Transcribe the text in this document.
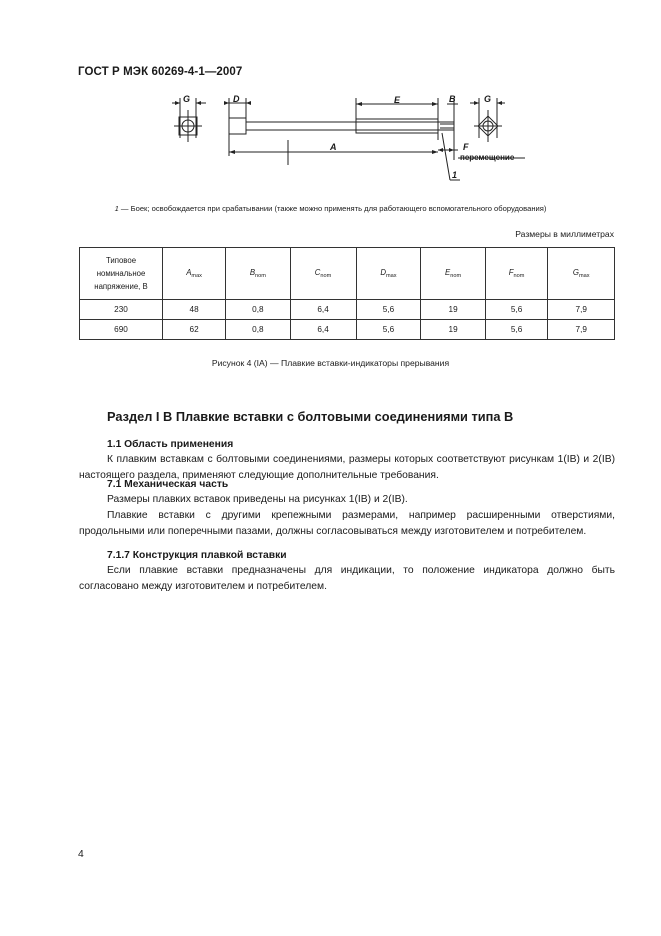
ГОСТ Р МЭК 60269-4-1—2007
G	D	E	B	G
A	F
перемещение
1
1 — Боек; освобождается при срабатывании (также можно применять для работающего вспомогательного оборудования)
Размеры в миллиметрах
Типовое
номинальное
напряжение, В	$A_{max}$	$B_{nom}$	$C_{nom}$	$D_{max}$	$E_{nom}$	$F_{nom}$	$G_{max}$
230	48	0,8	6,4	5,6	19	5,6	7,9
690	62	0,8	6,4	5,6	19	5,6	7,9
Рисунок 4 (IA) — Плавкие вставки-индикаторы прерывания
Раздел I B Плавкие вставки с болтовыми соединениями типа B
1.1 Область применения

К плавким вставкам с болтовыми соединениями, размеры которых соответствуют рисункам 1(IB) и 2(IB) настоящего раздела, применяют следующие дополнительные требования.

7.1 Механическая часть

Размеры плавких вставок приведены на рисунках 1(IB) и 2(IB).

Плавкие вставки с другими крепежными размерами, например расширенными отверстиями, продольными или поперечными пазами, должны согласовываться между изготовителем и потребителем.

7.1.7 Конструкция плавкой вставки

Если плавкие вставки предназначены для индикации, то положение индикатора должно быть согласовано между изготовителем и потребителем.

4
